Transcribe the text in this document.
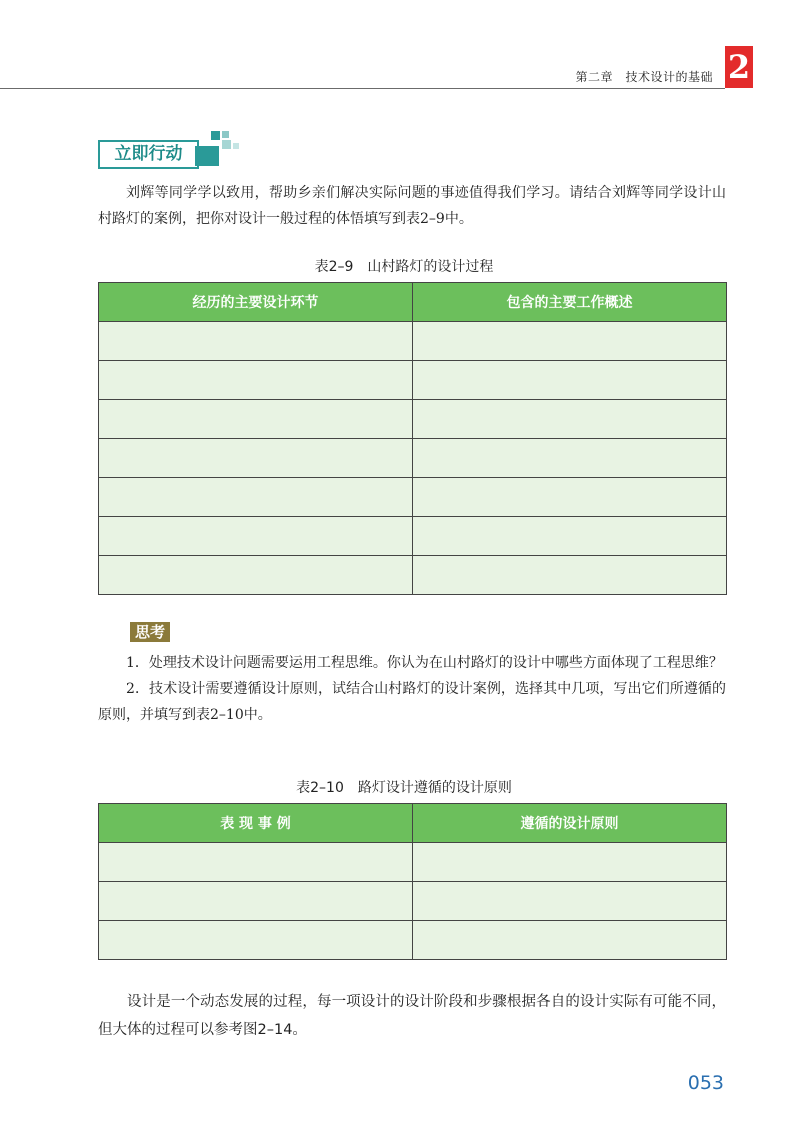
第二章　技术设计的基础 2
立即行动

刘辉等同学学以致用，帮助乡亲们解决实际问题的事迹值得我们学习。请结合刘辉等同学设计山村路灯的案例，把你对设计一般过程的体悟填写到表2–9中。

表2–9　山村路灯的设计过程
经历的主要设计环节	包含的主要工作概述

思考

1．处理技术设计问题需要运用工程思维。你认为在山村路灯的设计中哪些方面体现了工程思维？

2．技术设计需要遵循设计原则，试结合山村路灯的设计案例，选择其中几项，写出它们所遵循的原则，并填写到表2–10中。

表2–10　路灯设计遵循的设计原则
表 现 事 例	遵循的设计原则

设计是一个动态发展的过程，每一项设计的设计阶段和步骤根据各自的设计实际有可能不同，但大体的过程可以参考图2–14。

053
